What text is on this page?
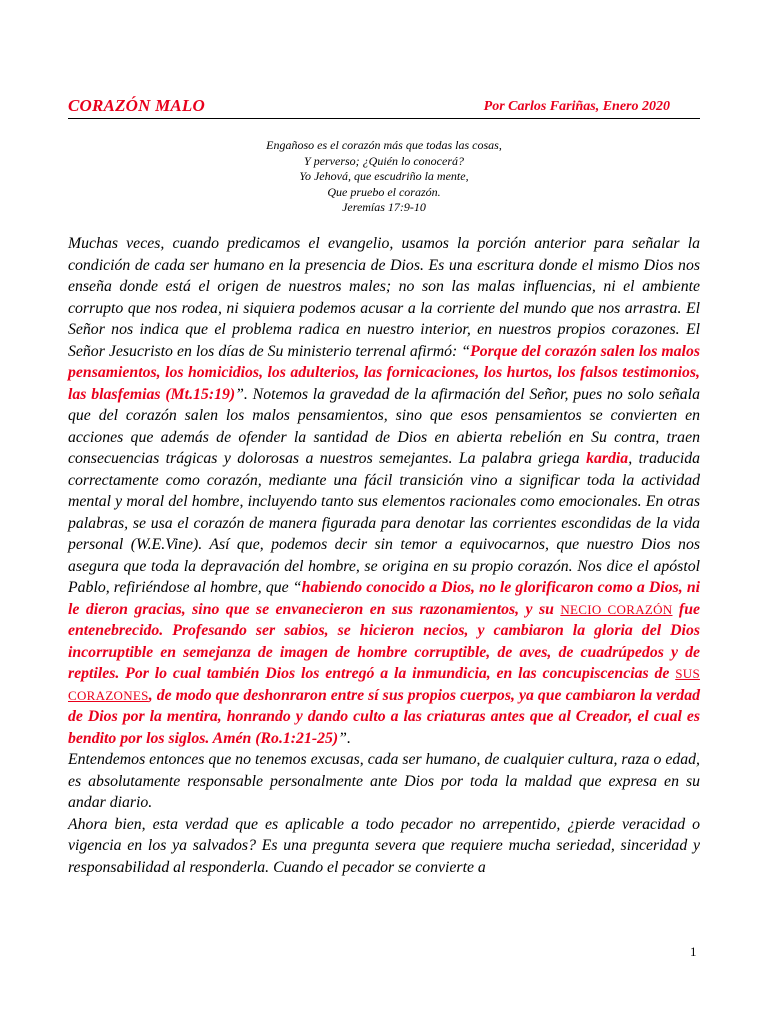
CORAZÓN MALO	Por Carlos Fariñas, Enero 2020
Engañoso es el corazón más que todas las cosas,
Y perverso; ¿Quién lo conocerá?
Yo Jehová, que escudriño la mente,
Que pruebo el corazón.
Jeremías 17:9-10

Muchas veces, cuando predicamos el evangelio, usamos la porción anterior para señalar la condición de cada ser humano en la presencia de Dios. Es una escritura donde el mismo Dios nos enseña donde está el origen de nuestros males; no son las malas influencias, ni el ambiente corrupto que nos rodea, ni siquiera podemos acusar a la corriente del mundo que nos arrastra. El Señor nos indica que el problema radica en nuestro interior, en nuestros propios corazones. El Señor Jesucristo en los días de Su ministerio terrenal afirmó: “Porque del corazón salen los malos pensamientos, los homicidios, los adulterios, las fornicaciones, los hurtos, los falsos testimonios, las blasfemias (Mt.15:19)”. Notemos la gravedad de la afirmación del Señor, pues no solo señala que del corazón salen los malos pensamientos, sino que esos pensamientos se convierten en acciones que además de ofender la santidad de Dios en abierta rebelión en Su contra, traen consecuencias trágicas y dolorosas a nuestros semejantes. La palabra griega kardia, traducida correctamente como corazón, mediante una fácil transición vino a significar toda la actividad mental y moral del hombre, incluyendo tanto sus elementos racionales como emocionales. En otras palabras, se usa el corazón de manera figurada para denotar las corrientes escondidas de la vida personal (W.E.Vine). Así que, podemos decir sin temor a equivocarnos, que nuestro Dios nos asegura que toda la depravación del hombre, se origina en su propio corazón. Nos dice el apóstol Pablo, refiriéndose al hombre, que “habiendo conocido a Dios, no le glorificaron como a Dios, ni le dieron gracias, sino que se envanecieron en sus razonamientos, y su NECIO CORAZÓN fue entenebrecido. Profesando ser sabios, se hicieron necios, y cambiaron la gloria del Dios incorruptible en semejanza de imagen de hombre corruptible, de aves, de cuadrúpedos y de reptiles. Por lo cual también Dios los entregó a la inmundicia, en las concupiscencias de SUS CORAZONES, de modo que deshonraron entre sí sus propios cuerpos, ya que cambiaron la verdad de Dios por la mentira, honrando y dando culto a las criaturas antes que al Creador, el cual es bendito por los siglos. Amén (Ro.1:21-25)”.

Entendemos entonces que no tenemos excusas, cada ser humano, de cualquier cultura, raza o edad, es absolutamente responsable personalmente ante Dios por toda la maldad que expresa en su andar diario.

Ahora bien, esta verdad que es aplicable a todo pecador no arrepentido, ¿pierde veracidad o vigencia en los ya salvados? Es una pregunta severa que requiere mucha seriedad, sinceridad y responsabilidad al responderla. Cuando el pecador se convierte a

1
